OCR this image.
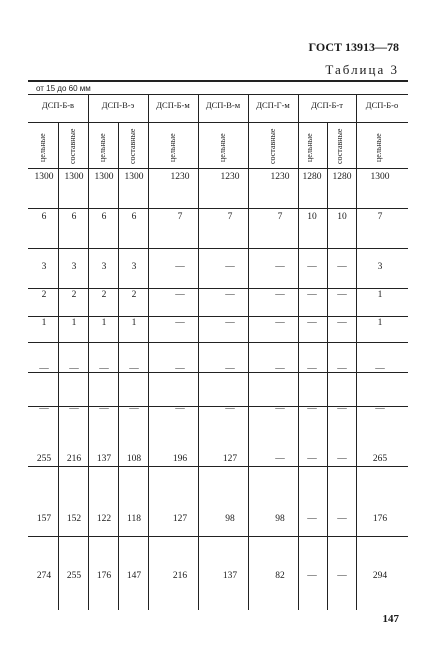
ГОСТ 13913—78
Таблица 3
от 15 до 60 мм
ДСП-Б-в	ДСП-В-э	ДСП-Б-м	ДСП-В-м	ДСП-Г-м	ДСП-Б-т	ДСП-Б-о
цельные	составные	цельные	составные	цельные	цельные	составные	цельные	составные	цельные
1300	1300	1300	1300	1230	1230	1230	1280	1280	1300
6	6	6	6	7	7	7	10	10	7
3	3	3	3	—	—	—	—	—	3
2	2	2	2	—	—	—	—	—	1
1	1	1	1	—	—	—	—	—	1
—	—	—	—	—	—	—	—	—	—
—	—	—	—	—	—	—	—	—	—
255	216	137	108	196	127	—	—	—	265
157	152	122	118	127	98	98	—	—	176
274	255	176	147	216	137	82	—	—	294
147
